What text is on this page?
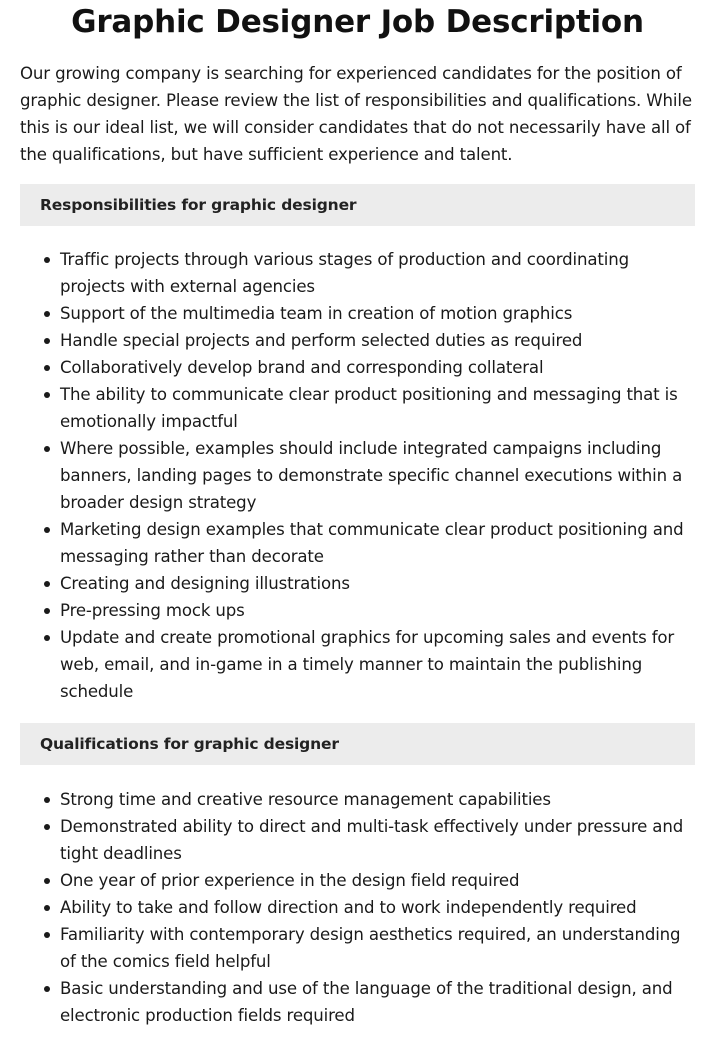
Graphic Designer Job Description

Our growing company is searching for experienced candidates for the position of graphic designer. Please review the list of responsibilities and qualifications. While this is our ideal list, we will consider candidates that do not necessarily have all of the qualifications, but have sufficient experience and talent.

Responsibilities for graphic designer
Traffic projects through various stages of production and coordinating projects with external agencies
Support of the multimedia team in creation of motion graphics
Handle special projects and perform selected duties as required
Collaboratively develop brand and corresponding collateral
The ability to communicate clear product positioning and messaging that is emotionally impactful
Where possible, examples should include integrated campaigns including banners, landing pages to demonstrate specific channel executions within a broader design strategy
Marketing design examples that communicate clear product positioning and messaging rather than decorate
Creating and designing illustrations
Pre-pressing mock ups
Update and create promotional graphics for upcoming sales and events for web, email, and in-game in a timely manner to maintain the publishing schedule
Qualifications for graphic designer
Strong time and creative resource management capabilities
Demonstrated ability to direct and multi-task effectively under pressure and tight deadlines
One year of prior experience in the design field required
Ability to take and follow direction and to work independently required
Familiarity with contemporary design aesthetics required, an understanding of the comics field helpful
Basic understanding and use of the language of the traditional design, and electronic production fields required
